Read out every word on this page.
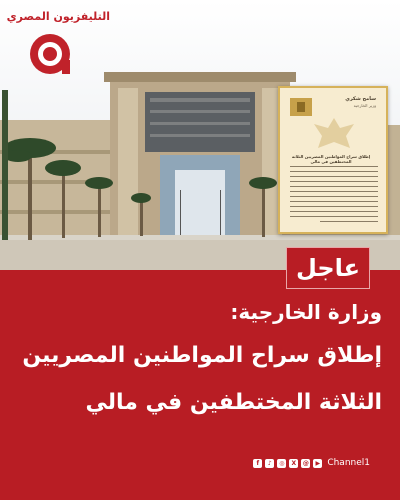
التليفزيون المصري
سامح شكري
وزير الخارجية
إطلاق سراح المواطنين المصريين الثلاثة المختطفين في مالي
عاجل
وزارة الخارجية:
إطلاق سراح المواطنين المصريين
الثلاثة المختطفين في مالي
f	♪	◎	X	@	▶ Channel1
